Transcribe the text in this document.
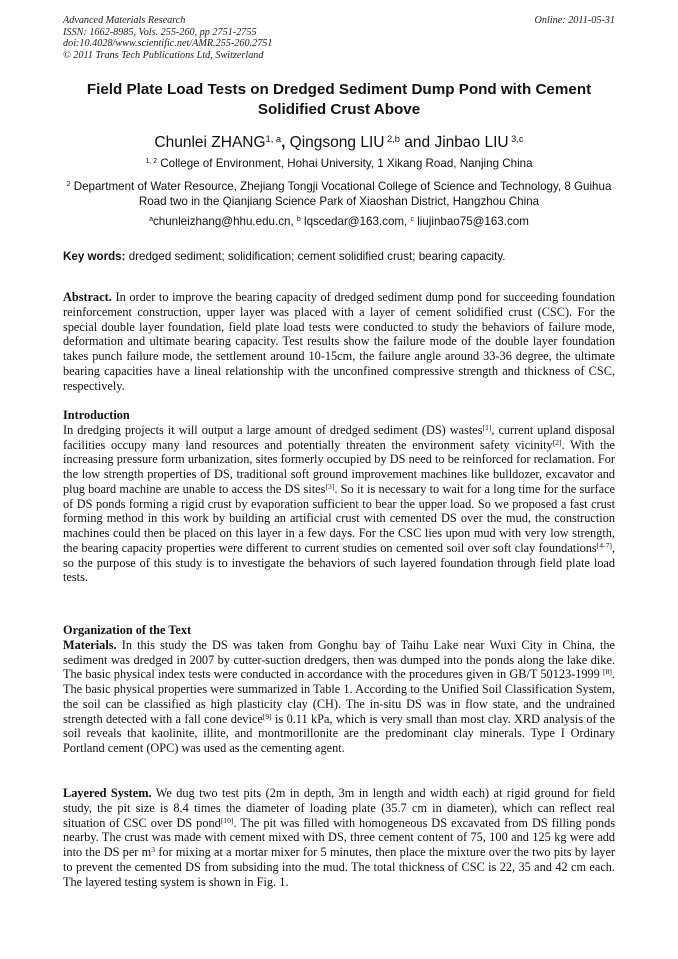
Advanced Materials Research
ISSN: 1662-8985, Vols. 255-260, pp 2751-2755
doi:10.4028/www.scientific.net/AMR.255-260.2751
© 2011 Trans Tech Publications Ltd, Switzerland
Online: 2011-05-31
Field Plate Load Tests on Dredged Sediment Dump Pond with Cement Solidified Crust Above
Chunlei ZHANG$^{1, a}$, Qingsong LIU $^{2,b}$ and Jinbao LIU $^{3,c}$
$^{1, 2}$ College of Environment, Hohai University, 1 Xikang Road, Nanjing China
$^2$ Department of Water Resource, Zhejiang Tongji Vocational College of Science and Technology, 8 Guihua Road two in the Qianjiang Science Park of Xiaoshan District, Hangzhou China
$^a$chunleizhang@hhu.edu.cn, $^b$ lqscedar@163.com, $^c$ liujinbao75@163.com
Key words: dredged sediment; solidification; cement solidified crust; bearing capacity.
Abstract. In order to improve the bearing capacity of dredged sediment dump pond for succeeding foundation reinforcement construction, upper layer was placed with a layer of cement solidified crust (CSC). For the special double layer foundation, field plate load tests were conducted to study the behaviors of failure mode, deformation and ultimate bearing capacity. Test results show the failure mode of the double layer foundation takes punch failure mode, the settlement around 10-15cm, the failure angle around 33-36 degree, the ultimate bearing capacities have a lineal relationship with the unconfined compressive strength and thickness of CSC, respectively.
Introduction
In dredging projects it will output a large amount of dredged sediment (DS) wastes[1], current upland disposal facilities occupy many land resources and potentially threaten the environment safety vicinity[2]. With the increasing pressure form urbanization, sites formerly occupied by DS need to be reinforced for reclamation. For the low strength properties of DS, traditional soft ground improvement machines like bulldozer, excavator and plug board machine are unable to access the DS sites[3]. So it is necessary to wait for a long time for the surface of DS ponds forming a rigid crust by evaporation sufficient to bear the upper load. So we proposed a fast crust forming method in this work by building an artificial crust with cemented DS over the mud, the construction machines could then be placed on this layer in a few days. For the CSC lies upon mud with very low strength, the bearing capacity properties were different to current studies on cemented soil over soft clay foundations[4-7], so the purpose of this study is to investigate the behaviors of such layered foundation through field plate load tests.
Organization of the Text
Materials. In this study the DS was taken from Gonghu bay of Taihu Lake near Wuxi City in China, the sediment was dredged in 2007 by cutter-suction dredgers, then was dumped into the ponds along the lake dike. The basic physical index tests were conducted in accordance with the procedures given in GB/T 50123-1999 [8]. The basic physical properties were summarized in Table 1. According to the Unified Soil Classification System, the soil can be classified as high plasticity clay (CH). The in-situ DS was in flow state, and the undrained strength detected with a fall cone device[9] is 0.11 kPa, which is very small than most clay. XRD analysis of the soil reveals that kaolinite, illite, and montmorillonite are the predominant clay minerals. Type I Ordinary Portland cement (OPC) was used as the cementing agent.
Layered System. We dug two test pits (2m in depth, 3m in length and width each) at rigid ground for field study, the pit size is 8.4 times the diameter of loading plate (35.7 cm in diameter), which can reflect real situation of CSC over DS pond[10]. The pit was filled with homogeneous DS excavated from DS filling ponds nearby. The crust was made with cement mixed with DS, three cement content of 75, 100 and 125 kg were add into the DS per $m^3$ for mixing at a mortar mixer for 5 minutes, then place the mixture over the two pits by layer to prevent the cemented DS from subsiding into the mud. The total thickness of CSC is 22, 35 and 42 cm each. The layered testing system is shown in Fig. 1.
